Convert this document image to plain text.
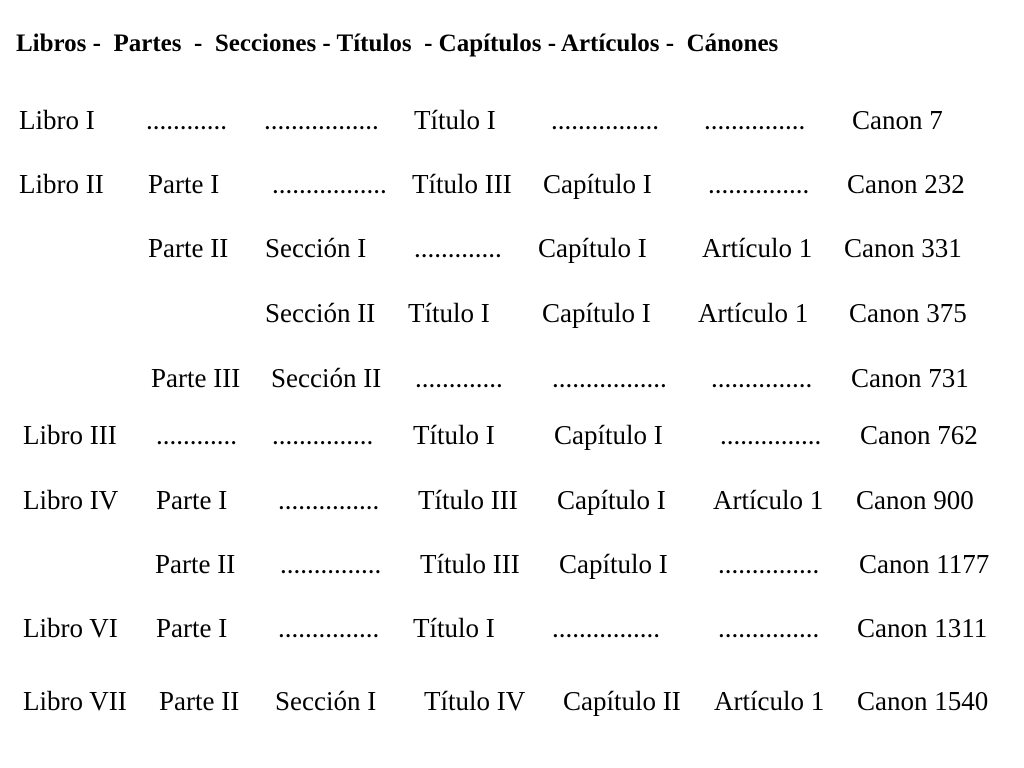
Libros -  Partes  -  Secciones - Títulos  - Capítulos - Artículos -  Cánones
Libro I ............ ................. Título I ................ ............... Canon 7
Libro II Parte I ................. Título III Capítulo I ............... Canon 232
Parte II Sección I ............. Capítulo I Artículo 1 Canon 331
Sección II Título I Capítulo I Artículo 1 Canon 375
Parte III Sección II ............. ................. ............... Canon 731
Libro III ............ ............... Título I Capítulo I ............... Canon 762
Libro IV Parte I ............... Título III Capítulo I Artículo 1 Canon 900
Parte II ............... Título III Capítulo I ............... Canon 1177
Libro VI Parte I ............... Título I ................ ............... Canon 1311
Libro VII Parte II Sección I Título IV Capítulo II Artículo 1 Canon 1540
